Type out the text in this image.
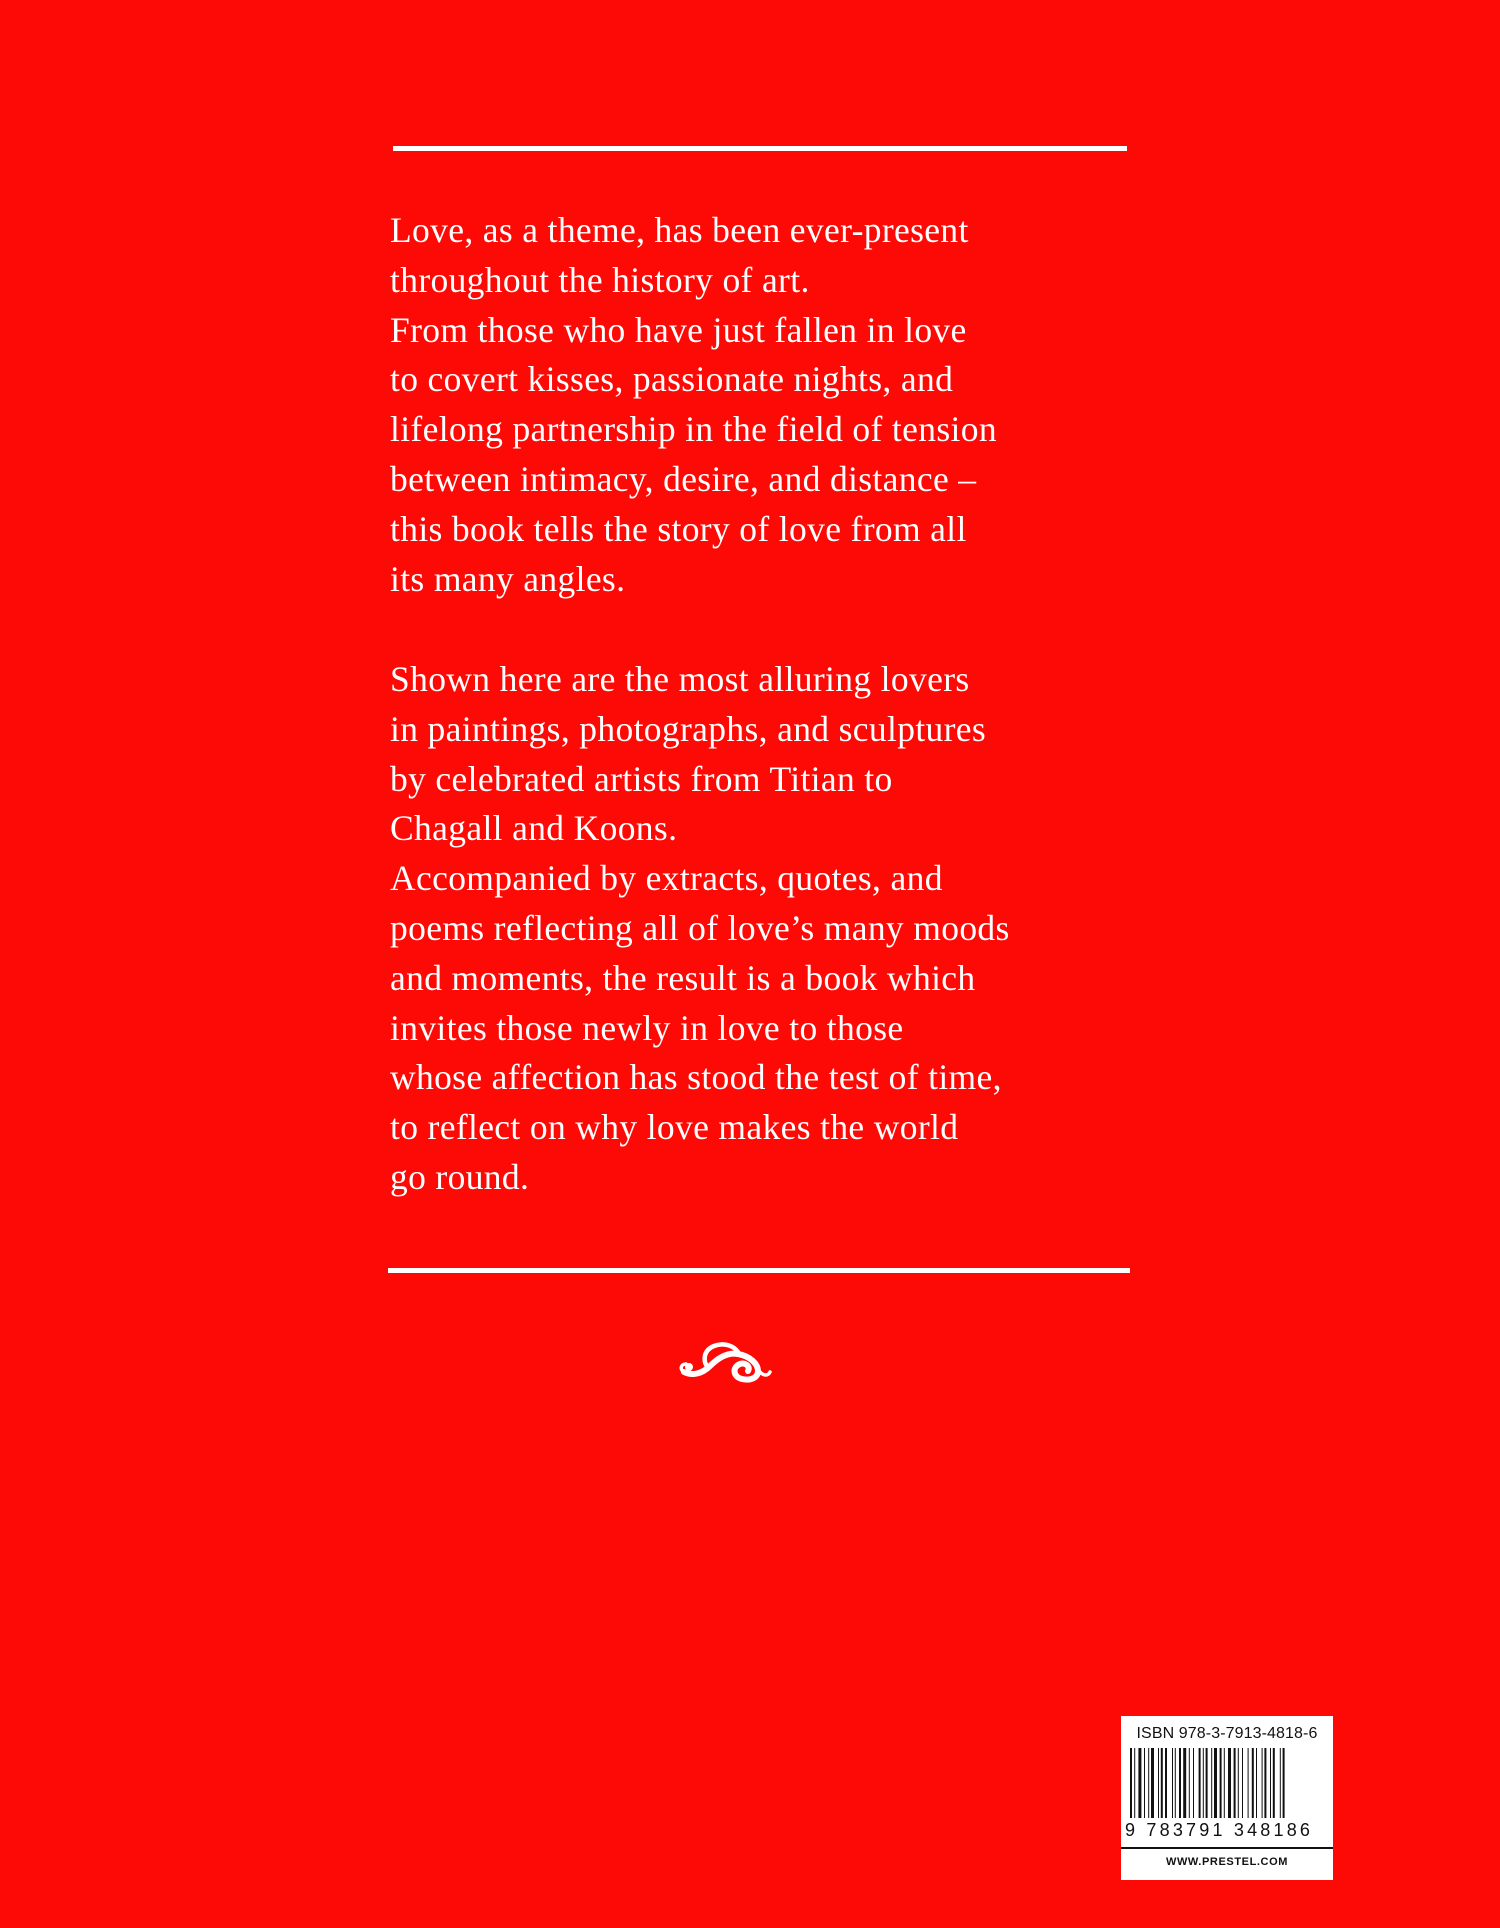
Love, as a theme, has been ever-present
throughout the history of art.
From those who have just fallen in love
to covert kisses, passionate nights, and
lifelong partnership in the field of tension
between intimacy, desire, and distance –
this book tells the story of love from all
its many angles.
Shown here are the most alluring lovers
in paintings, photographs, and sculptures
by celebrated artists from Titian to
Chagall and Koons.
Accompanied by extracts, quotes, and
poems reflecting all of love’s many moods
and moments, the result is a book which
invites those newly in love to those
whose affection has stood the test of time,
to reflect on why love makes the world
go round.
ISBN 978-3-7913-4818-6
9 783791 348186
WWW.PRESTEL.COM
